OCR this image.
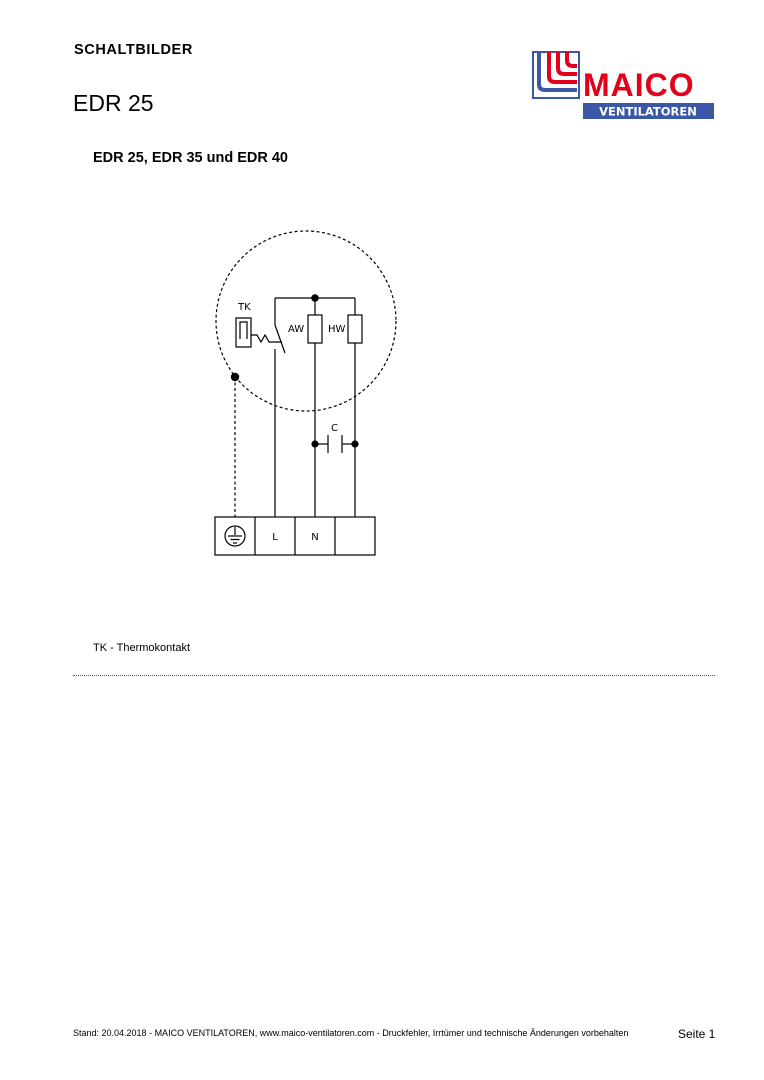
SCHALTBILDER
EDR 25	MAICO
VENTILATOREN
EDR 25, EDR 35 und EDR 40
TK
AW HW
C
L	N
TK - Thermokontakt
Stand: 20.04.2018 - MAICO VENTILATOREN, www.maico-ventilatoren.com - Druckfehler, Irrtümer und technische Änderungen vorbehalten	Seite 1
